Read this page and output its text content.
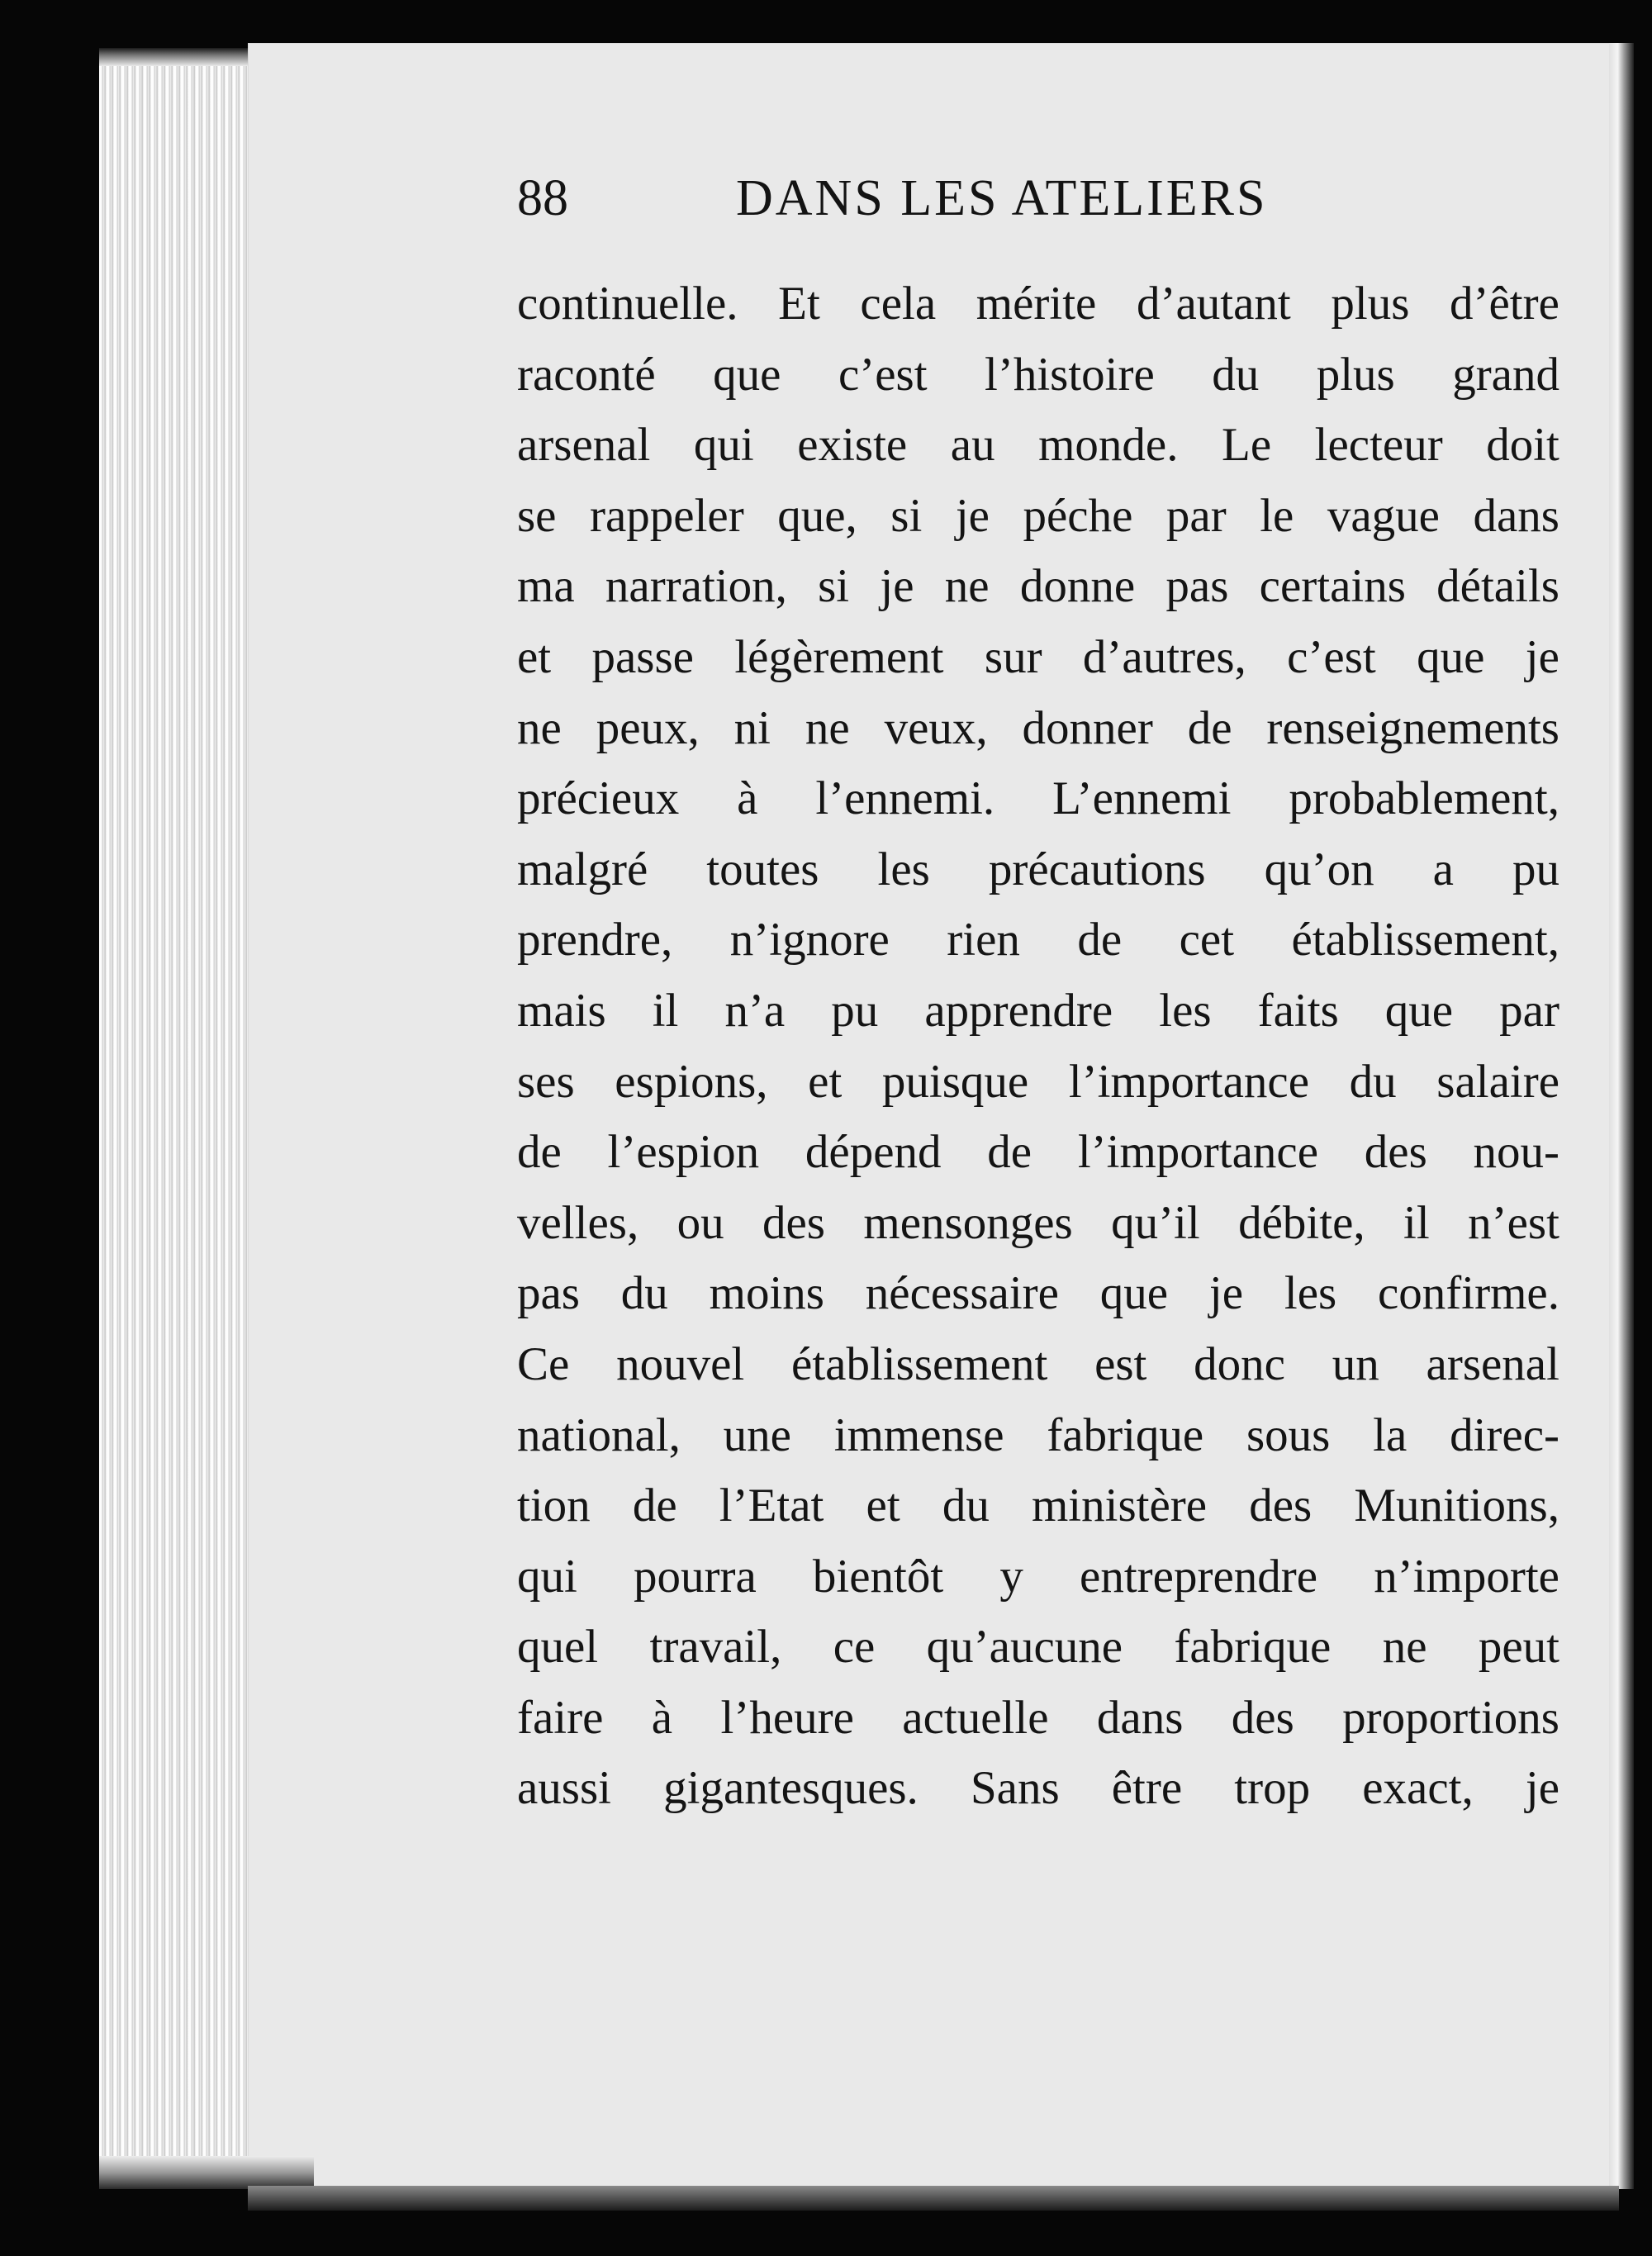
88	DANS LES ATELIERS
continuelle. Et cela mérite d’autant plus d’être
raconté que c’est l’histoire du plus grand
arsenal qui existe au monde. Le lecteur doit
se rappeler que, si je péche par le vague dans
ma narration, si je ne donne pas certains détails
et passe légèrement sur d’autres, c’est que je
ne peux, ni ne veux, donner de renseignements
précieux à l’ennemi. L’ennemi probablement,
malgré toutes les précautions qu’on a pu
prendre, n’ignore rien de cet établissement,
mais il n’a pu apprendre les faits que par
ses espions, et puisque l’importance du salaire
de l’espion dépend de l’importance des nou-
velles, ou des mensonges qu’il débite, il n’est
pas du moins nécessaire que je les confirme.
Ce nouvel établissement est donc un arsenal
national, une immense fabrique sous la direc-
tion de l’Etat et du ministère des Munitions,
qui pourra bientôt y entreprendre n’importe
quel travail, ce qu’aucune fabrique ne peut
faire à l’heure actuelle dans des proportions
aussi gigantesques. Sans être trop exact, je
